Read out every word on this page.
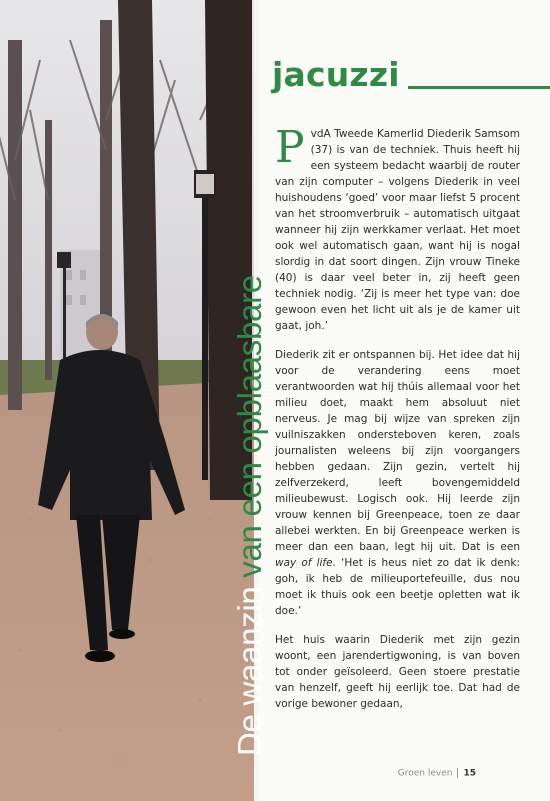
De waanzin van een opblaasbare
jacuzzi

PvdA Tweede Kamerlid Diederik Samsom (37) is van de techniek. Thuis heeft hij een systeem bedacht waarbij de router van zijn computer – volgens Diederik in veel huishoudens ‘goed’ voor maar liefst 5 procent van het stroomverbruik – automatisch uitgaat wanneer hij zijn werkkamer verlaat. Het moet ook wel automatisch gaan, want hij is nogal slordig in dat soort dingen. Zijn vrouw Tineke (40) is daar veel beter in, zij heeft geen techniek nodig. ‘Zij is meer het type van: doe gewoon even het licht uit als je de kamer uit gaat, joh.’

Diederik zit er ontspannen bij. Het idee dat hij voor de verandering eens moet verantwoorden wat hij thúis allemaal voor het milieu doet, maakt hem absoluut niet nerveus. Je mag bij wijze van spreken zijn vuilniszakken ondersteboven keren, zoals journalisten weleens bij zijn voorgangers hebben gedaan. Zijn gezin, vertelt hij zelfverzekerd, leeft bovengemiddeld milieubewust. Logisch ook. Hij leerde zijn vrouw kennen bij Greenpeace, toen ze daar allebei werkten. En bij Greenpeace werken is meer dan een baan, legt hij uit. Dat is een way of life. ‘Het is heus niet zo dat ik denk: goh, ik heb de milieuportefeuille, dus nou moet ik thuis ook een beetje opletten wat ik doe.’

Het huis waarin Diederik met zijn gezin woont, een jarendertigwoning, is van boven tot onder geïsoleerd. Geen stoere prestatie van henzelf, geeft hij eerlijk toe. Dat had de vorige bewoner gedaan,

Groen leven 15
